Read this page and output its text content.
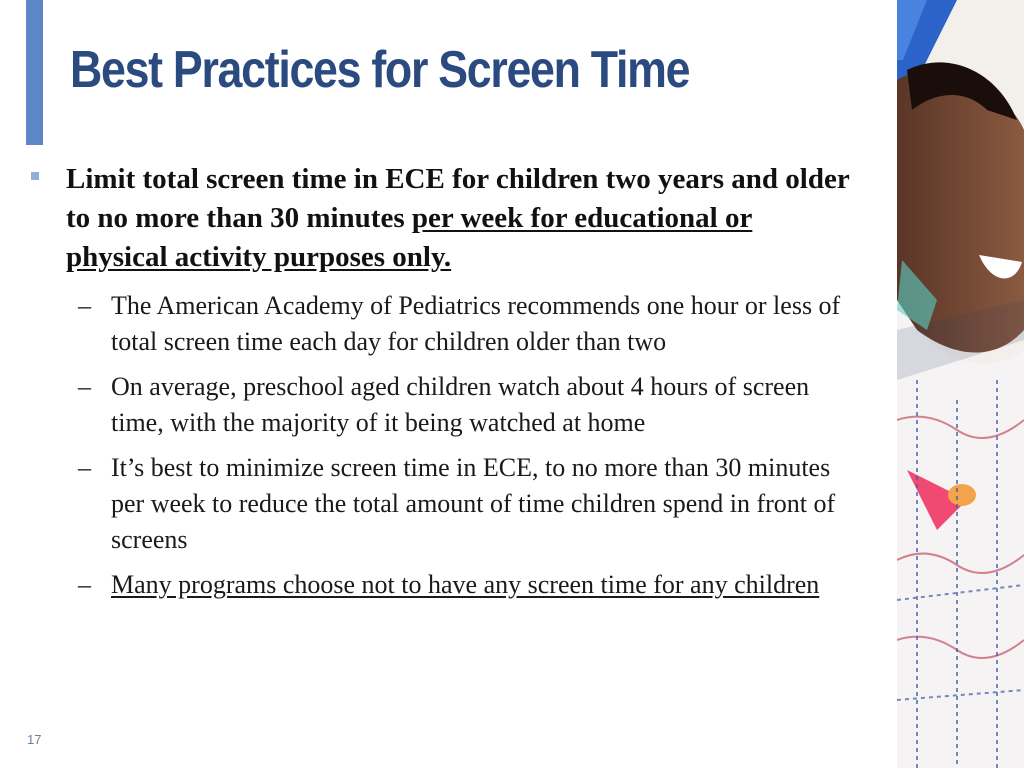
Best Practices for Screen Time

Limit total screen time in ECE for children two years and older to no more than 30 minutes per week for educational or physical activity purposes only.

– The American Academy of Pediatrics recommends one hour or less of total screen time each day for children older than two
– On average, preschool aged children watch about 4 hours of screen time, with the majority of it being watched at home
– It’s best to minimize screen time in ECE, to no more than 30 minutes per week to reduce the total amount of time children spend in front of screens
– Many programs choose not to have any screen time for any children
17
